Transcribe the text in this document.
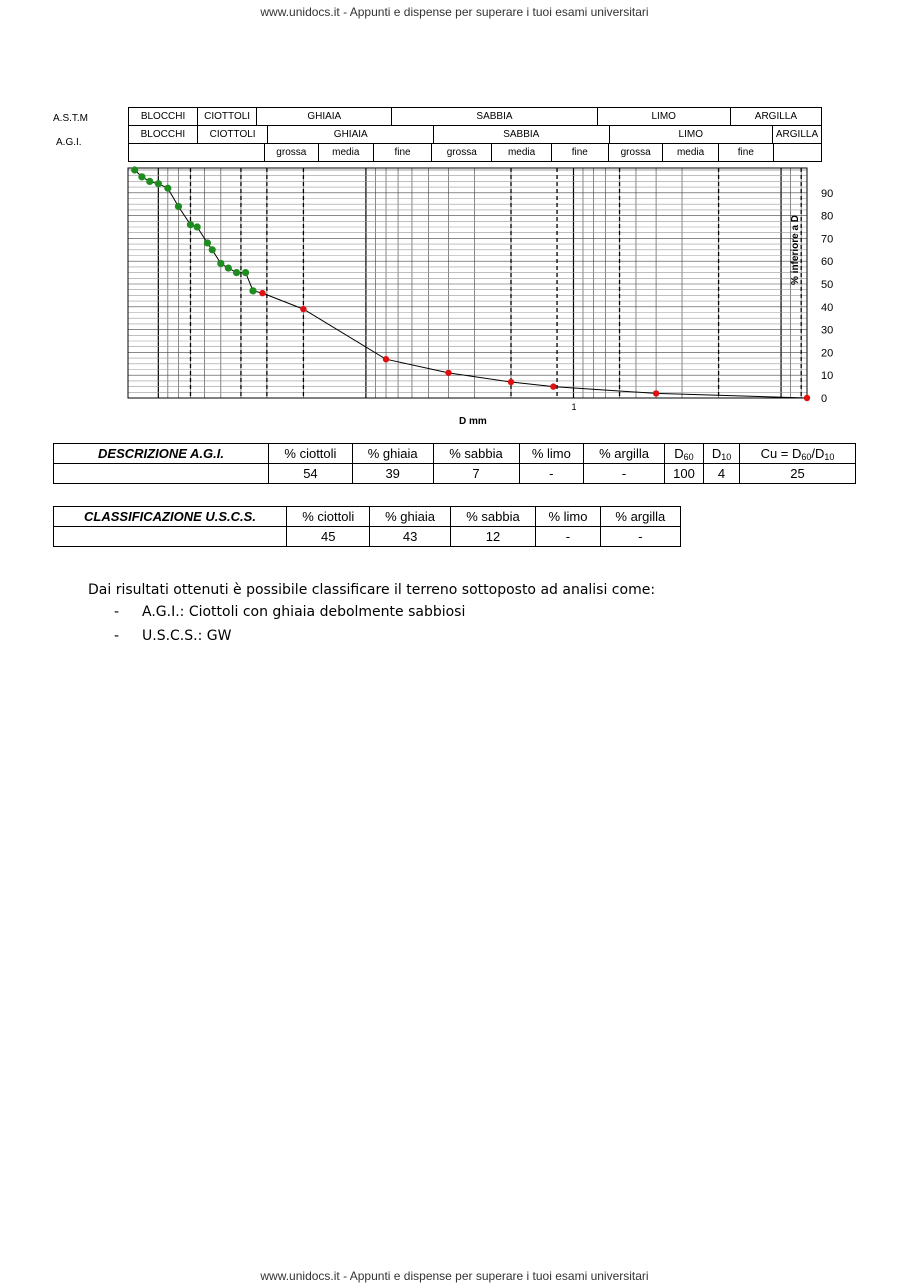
www.unidocs.it - Appunti e dispense per superare i tuoi esami universitari
A.S.T.M
A.G.I.
BLOCCHI	CIOTTOLI	GHIAIA	SABBIA	LIMO	ARGILLA
BLOCCHI	CIOTTOLI	GHIAIA	SABBIA	LIMO	ARGILLA
	grossa	media	fine	grossa	media	fine	grossa	media	fine	
0
10
20
30
40
50
60
70
80
90
1
% inferiore a D
D mm
DESCRIZIONE A.G.I.	% ciottoli	% ghiaia	% sabbia	% limo	% argilla	$D_{60}$	$D_{10}$	$Cu = D_{60}/D_{10}$
	54	39	7	-	-	100	4	25
CLASSIFICAZIONE U.S.C.S.	% ciottoli	% ghiaia	% sabbia	% limo	% argilla
	45	43	12	-	-

Dai risultati ottenuti è possibile classificare il terreno sottoposto ad analisi come:

- A.G.I.: Ciottoli con ghiaia debolmente sabbiosi
- U.S.C.S.: GW
www.unidocs.it - Appunti e dispense per superare i tuoi esami universitari
